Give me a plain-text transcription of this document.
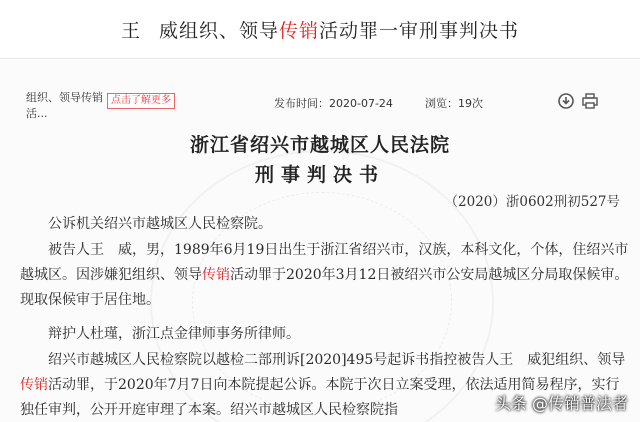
王 威组织、领导传销活动罪一审刑事判决书
组织、领导传销活...
点击了解更多	发布时间：2020-07-24	浏览：19次
浙江省绍兴市越城区人民法院
刑事判决书
（2020）浙0602刑初527号
公诉机关绍兴市越城区人民检察院。
被告人王　威，男，1989年6月19日出生于浙江省绍兴市，汉族，本科文化，个体，住绍兴市越城区。因涉嫌犯组织、领导传销活动罪于2020年3月12日被绍兴市公安局越城区分局取保候审。现取保候审于居住地。
辩护人杜瑾，浙江点金律师事务所律师。
绍兴市越城区人民检察院以越检二部刑诉[2020]495号起诉书指控被告人王　威犯组织、领导传销活动罪，于2020年7月7日向本院提起公诉。本院于次日立案受理，依法适用简易程序，实行独任审判，公开开庭审理了本案。绍兴市越城区人民检察院指	头条 @传销普法者
